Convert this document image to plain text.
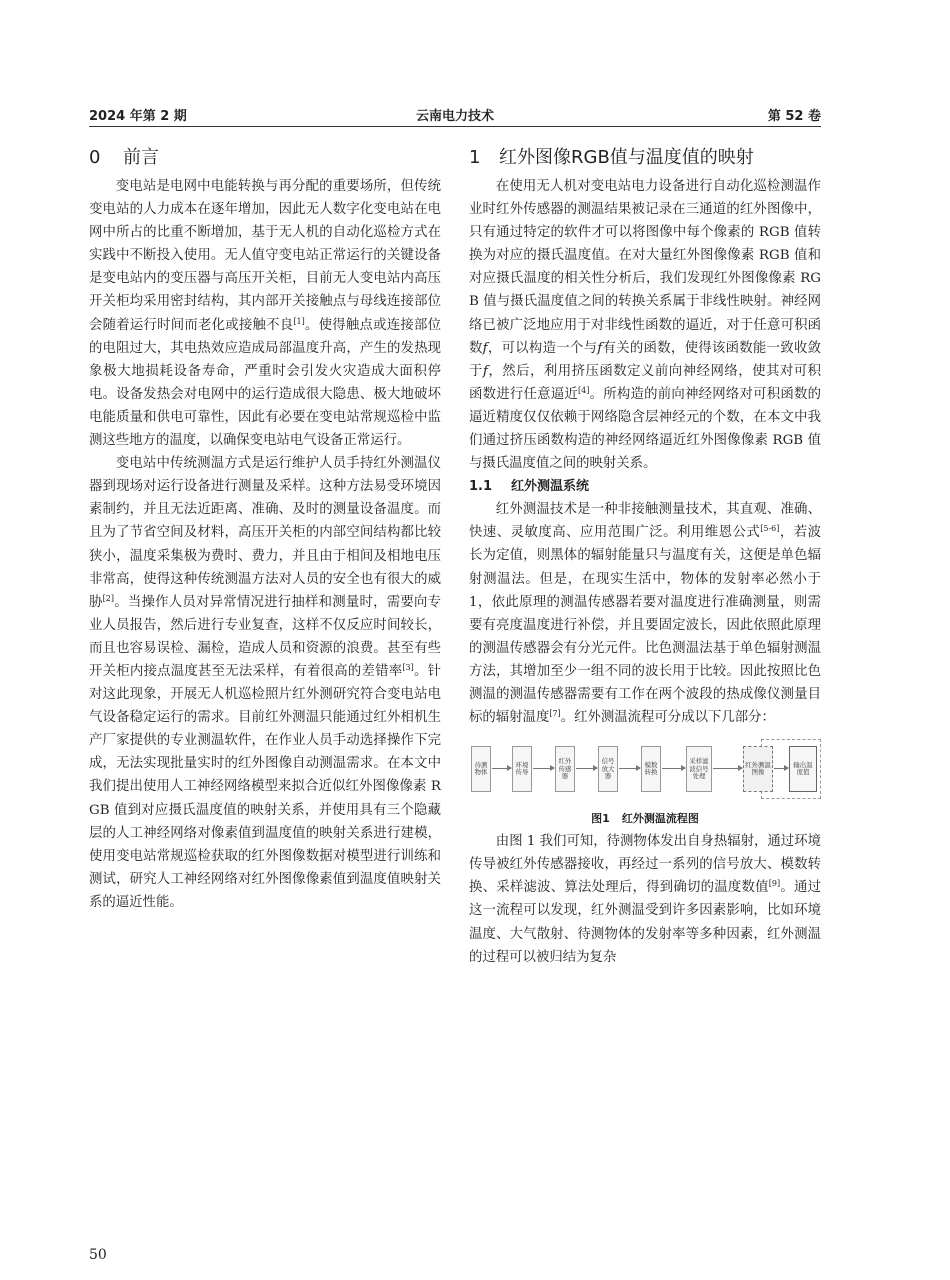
2024 年第 2 期	云南电力技术	第 52 卷
0 前言

变电站是电网中电能转换与再分配的重要场所，但传统变电站的人力成本在逐年增加，因此无人数字化变电站在电网中所占的比重不断增加，基于无人机的自动化巡检方式在实践中不断投入使用。无人值守变电站正常运行的关键设备是变电站内的变压器与高压开关柜，目前无人变电站内高压开关柜均采用密封结构，其内部开关接触点与母线连接部位会随着运行时间而老化或接触不良[1]。使得触点或连接部位的电阻过大，其电热效应造成局部温度升高，产生的发热现象极大地损耗设备寿命，严重时会引发火灾造成大面积停电。设备发热会对电网中的运行造成很大隐患、极大地破坏电能质量和供电可靠性，因此有必要在变电站常规巡检中监测这些地方的温度，以确保变电站电气设备正常运行。

变电站中传统测温方式是运行维护人员手持红外测温仪器到现场对运行设备进行测量及采样。这种方法易受环境因素制约，并且无法近距离、准确、及时的测量设备温度。而且为了节省空间及材料，高压开关柜的内部空间结构都比较狭小，温度采集极为费时、费力，并且由于相间及相地电压非常高，使得这种传统测温方法对人员的安全也有很大的威胁[2]。当操作人员对异常情况进行抽样和测量时，需要向专业人员报告，然后进行专业复查，这样不仅反应时间较长，而且也容易误检、漏检，造成人员和资源的浪费。甚至有些开关柜内接点温度甚至无法采样，有着很高的差错率[3]。针对这此现象，开展无人机巡检照片红外测研究符合变电站电气设备稳定运行的需求。目前红外测温只能通过红外相机生产厂家提供的专业测温软件，在作业人员手动选择操作下完成，无法实现批量实时的红外图像自动测温需求。在本文中我们提出使用人工神经网络模型来拟合近似红外图像像素 RGB 值到对应摄氏温度值的映射关系，并使用具有三个隐藏层的人工神经网络对像素值到温度值的映射关系进行建模，使用变电站常规巡检获取的红外图像数据对模型进行训练和测试，研究人工神经网络对红外图像像素值到温度值映射关系的逼近性能。

1 红外图像RGB值与温度值的映射

在使用无人机对变电站电力设备进行自动化巡检测温作业时红外传感器的测温结果被记录在三通道的红外图像中，只有通过特定的软件才可以将图像中每个像素的 RGB 值转换为对应的摄氏温度值。在对大量红外图像像素 RGB 值和对应摄氏温度的相关性分析后，我们发现红外图像像素 RGB 值与摄氏温度值之间的转换关系属于非线性映射。神经网络已被广泛地应用于对非线性函数的逼近，对于任意可积函数f，可以构造一个与f有关的函数，使得该函数能一致收敛于f，然后，利用挤压函数定义前向神经网络，使其对可积函数进行任意逼近[4]。所构造的前向神经网络对可积函数的逼近精度仅仅依赖于网络隐含层神经元的个数，在本文中我们通过挤压函数构造的神经网络逼近红外图像像素 RGB 值与摄氏温度值之间的映射关系。

1.1 红外测温系统

红外测温技术是一种非接触测量技术，其直观、准确、快速、灵敏度高、应用范围广泛。利用维恩公式[5-6]，若波长为定值，则黑体的辐射能量只与温度有关，这便是单色辐射测温法。但是，在现实生活中，物体的发射率必然小于 1，依此原理的测温传感器若要对温度进行准确测量，则需要有亮度温度进行补偿，并且要固定波长，因此依照此原理的测温传感器会有分光元件。比色测温法基于单色辐射测温方法，其增加至少一组不同的波长用于比较。因此按照比色测温的测温传感器需要有工作在两个波段的热成像仪测量目标的辐射温度[7]。红外测温流程可分成以下几部分：

待测物体
环境传导
红外传感器
信号放大器
模数转换
采样滤波信号处理
红外测温图像
输出温度值
图1 红外测温流程图

由图 1 我们可知，待测物体发出自身热辐射，通过环境传导被红外传感器接收，再经过一系列的信号放大、模数转换、采样滤波、算法处理后，得到确切的温度数值[9]。通过这一流程可以发现，红外测温受到许多因素影响，比如环境温度、大气散射、待测物体的发射率等多种因素，红外测温的过程可以被归结为复杂

50
